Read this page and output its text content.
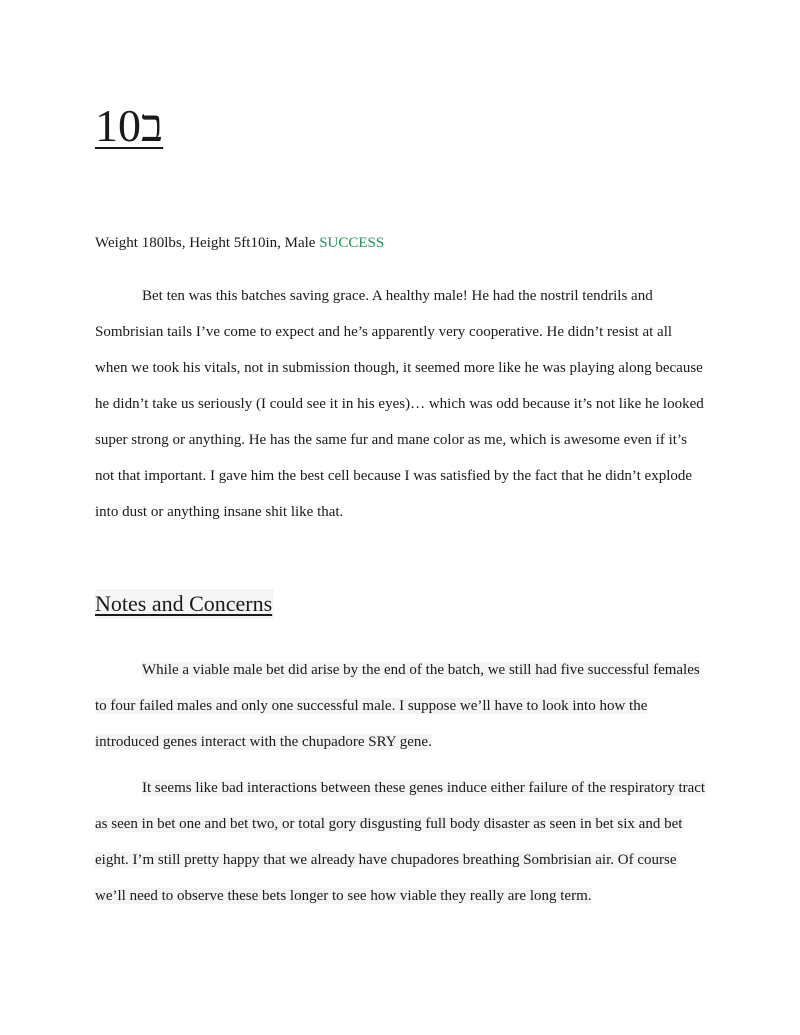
ב10
Weight 180lbs, Height 5ft10in, Male SUCCESS

Bet ten was this batches saving grace. A healthy male! He had the nostril tendrils and Sombrisian tails I’ve come to expect and he’s apparently very cooperative. He didn’t resist at all when we took his vitals, not in submission though, it seemed more like he was playing along because he didn’t take us seriously (I could see it in his eyes)… which was odd because it’s not like he looked super strong or anything. He has the same fur and mane color as me, which is awesome even if it’s not that important. I gave him the best cell because I was satisfied by the fact that he didn’t explode into dust or anything insane shit like that.

Notes and Concerns

While a viable male bet did arise by the end of the batch, we still had five successful females to four failed males and only one successful male. I suppose we’ll have to look into how the introduced genes interact with the chupadore SRY gene.

It seems like bad interactions between these genes induce either failure of the respiratory tract as seen in bet one and bet two, or total gory disgusting full body disaster as seen in bet six and bet eight. I’m still pretty happy that we already have chupadores breathing Sombrisian air. Of course we’ll need to observe these bets longer to see how viable they really are long term.
